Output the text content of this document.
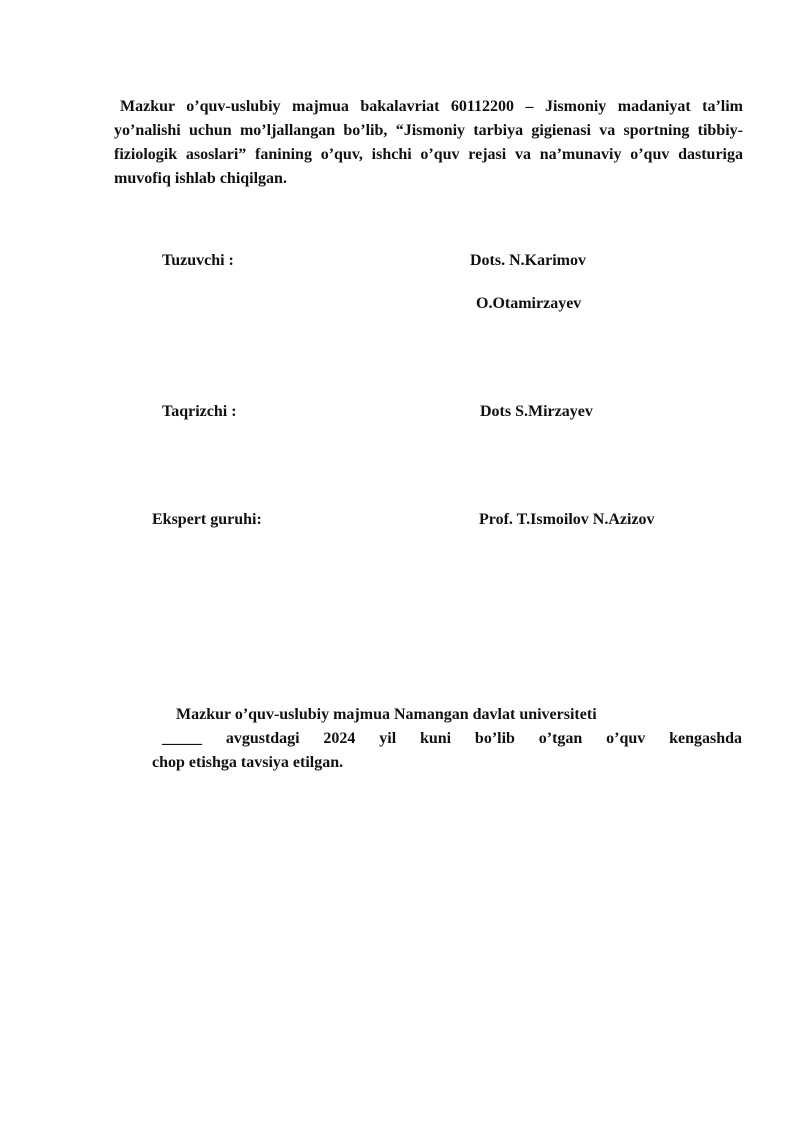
Mazkur o’quv-uslubiy majmua bakalavriat 60112200 – Jismoniy madaniyat ta’lim yo’nalishi uchun mo’ljallangan bo’lib, “Jismoniy tarbiya gigienasi va sportning tibbiy-fiziologik asoslari” fanining o’quv, ishchi o’quv rejasi va na’munaviy o’quv dasturiga muvofiq ishlab chiqilgan.

Tuzuvchi :	Dots. N.Karimov
O.Otamirzayev
Taqrizchi :	Dots S.Mirzayev
Ekspert guruhi:	Prof. T.Ismoilov N.Azizov
Mazkur o’quv-uslubiy majmua Namangan davlat universiteti
_____ avgustdagi 2024 yil kuni bo’lib o’tgan o’quv kengashda
chop etishga tavsiya etilgan.
